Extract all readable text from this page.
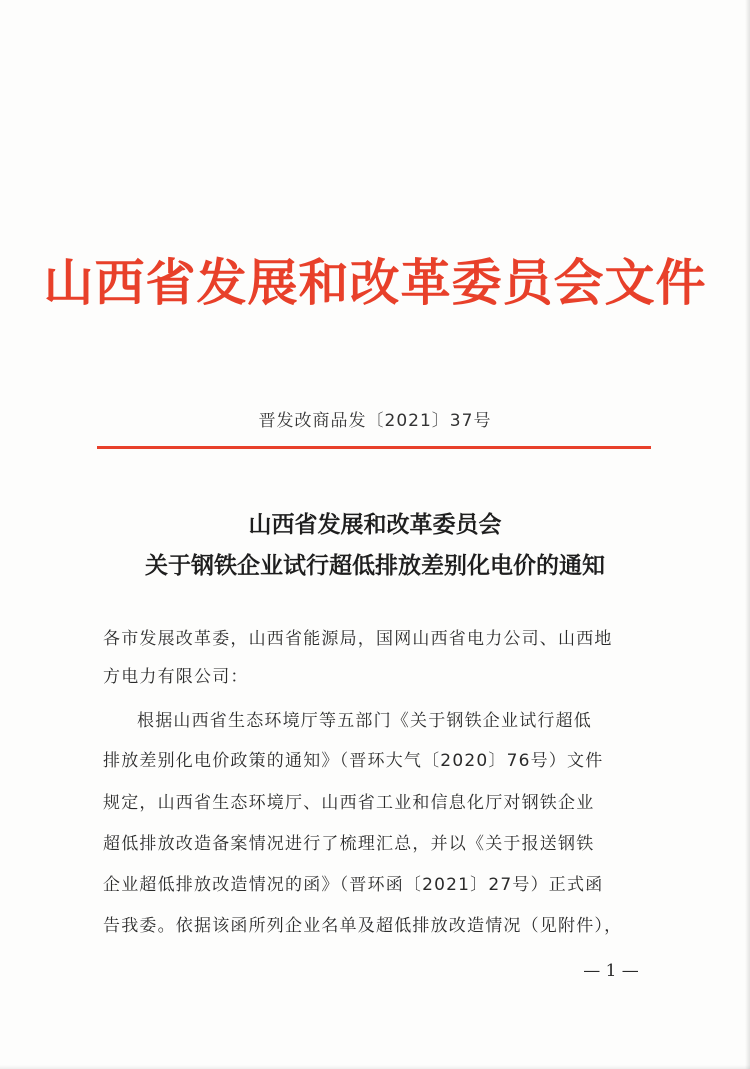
山西省发展和改革委员会文件
晋发改商品发〔2021〕37号
山西省发展和改革委员会
关于钢铁企业试行超低排放差别化电价的通知
各市发展改革委，山西省能源局，国网山西省电力公司、山西地
方电力有限公司：
根据山西省生态环境厅等五部门《关于钢铁企业试行超低
排放差别化电价政策的通知》（晋环大气〔2020〕76号）文件
规定，山西省生态环境厅、山西省工业和信息化厅对钢铁企业
超低排放改造备案情况进行了梳理汇总，并以《关于报送钢铁
企业超低排放改造情况的函》（晋环函〔2021〕27号）正式函
告我委。依据该函所列企业名单及超低排放改造情况（见附件），
— 1 —
